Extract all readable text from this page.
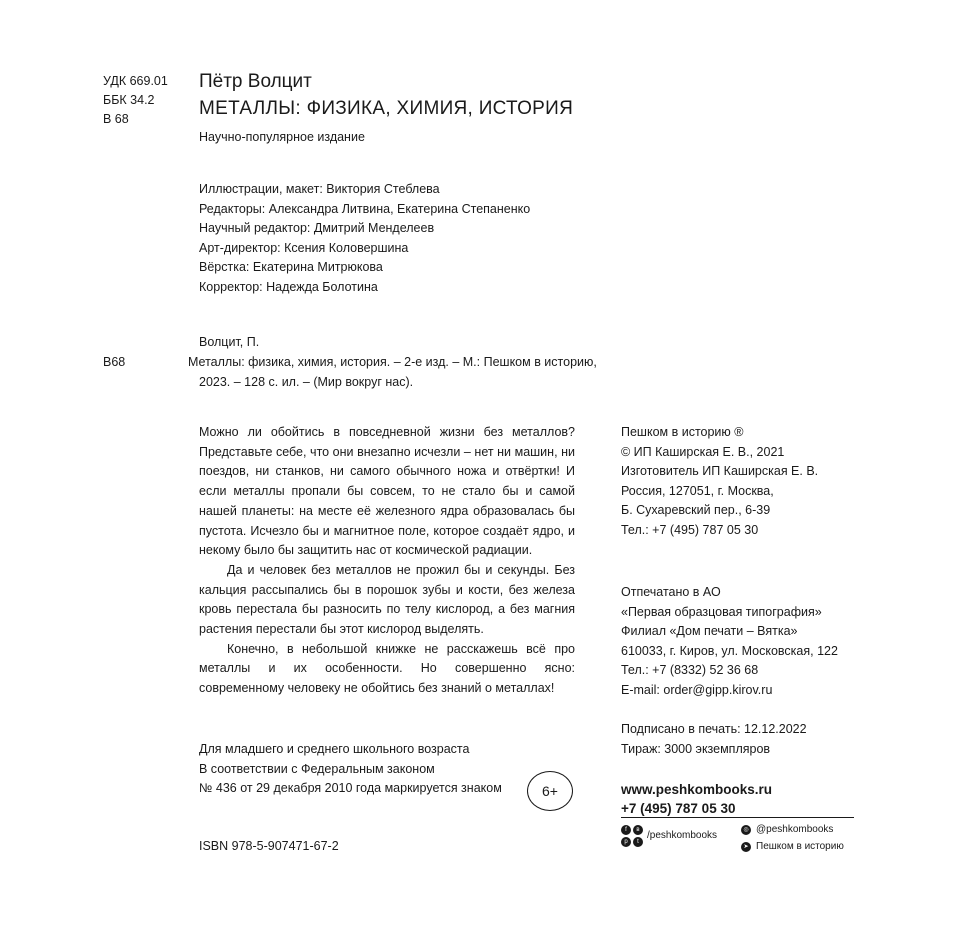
УДК 669.01
ББК 34.2
В 68
Пётр Волцит
МЕТАЛЛЫ: ФИЗИКА, ХИМИЯ, ИСТОРИЯ
Научно-популярное издание
Иллюстрации, макет: Виктория Стеблева
Редакторы: Александра Литвина, Екатерина Степаненко
Научный редактор: Дмитрий Менделеев
Арт-директор: Ксения Коловершина
Вёрстка: Екатерина Митрюкова
Корректор: Надежда Болотина
Волцит, П.
В68	Металлы: физика, химия, история. – 2-е изд. – М.: Пешком в историю,
2023. – 128 с. ил. – (Мир вокруг нас).

Можно ли обойтись в повседневной жизни без металлов? Представьте себе, что они внезапно исчезли – нет ни машин, ни поездов, ни станков, ни самого обычного ножа и отвёртки! И если металлы пропали бы совсем, то не стало бы и самой нашей планеты: на месте её железного ядра образовалась бы пустота. Исчезло бы и магнитное поле, которое создаёт ядро, и некому было бы защитить нас от космической радиации.

Да и человек без металлов не прожил бы и секунды. Без кальция рассыпались бы в порошок зубы и кости, без железа кровь перестала бы разносить по телу кислород, а без магния растения перестали бы этот кислород выделять.

Конечно, в небольшой книжке не расскажешь всё про металлы и их особенности. Но совершенно ясно: современному человеку не обойтись без знаний о металлах!

Для младшего и среднего школьного возраста
В соответствии с Федеральным законом
№ 436 от 29 декабря 2010 года маркируется знаком	6+
ISBN 978-5-907471-67-2
Пешком в историю ®
© ИП Каширская Е. В., 2021
Изготовитель ИП Каширская Е. В.
Россия, 127051, г. Москва,
Б. Сухаревский пер., 6-39
Тел.: +7 (495) 787 05 30
Отпечатано в АО
«Первая образцовая типография»
Филиал «Дом печати – Вятка»
610033, г. Киров, ул. Московская, 122
Тел.: +7 (8332) 52 36 68
E-mail: order@gipp.kirov.ru
Подписано в печать: 12.12.2022
Тираж: 3000 экземпляров
www.peshkombooks.ru
+7 (495) 787 05 30
f	в
p	t
/peshkombooks	◎ @peshkombooks
➤ Пешком в историю
